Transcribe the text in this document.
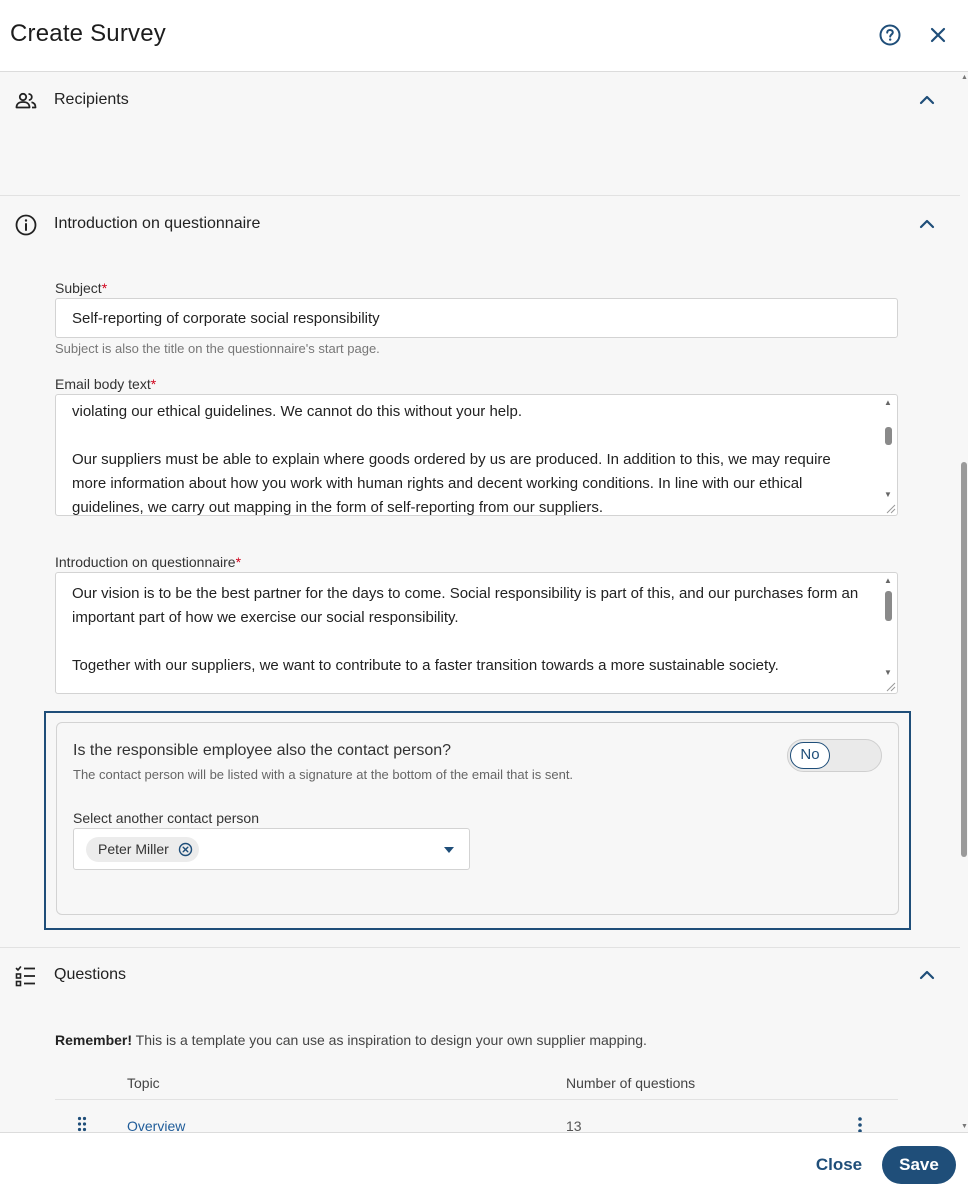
Create Survey
Recipients
Introduction on questionnaire
Subject*
Self-reporting of corporate social responsibility
Subject is also the title on the questionnaire's start page.
Email body text*
violating our ethical guidelines. We cannot do this without your help.

Our suppliers must be able to explain where goods ordered by us are produced. In addition to this, we may require more information about how you work with human rights and decent working conditions. In line with our ethical guidelines, we carry out mapping in the form of self-reporting from our suppliers.
▲
▼
Introduction on questionnaire*
Our vision is to be the best partner for the days to come. Social responsibility is part of this, and our purchases form an important part of how we exercise our social responsibility.

Together with our suppliers, we want to contribute to a faster transition towards a more sustainable society.
▲
▼
Is the responsible employee also the contact person?
The contact person will be listed with a signature at the bottom of the email that is sent.
No
Select another contact person
Peter Miller
Questions
Remember! This is a template you can use as inspiration to design your own supplier mapping.
Topic	Number of questions
Overview	13
▲
▼
Close	Save
